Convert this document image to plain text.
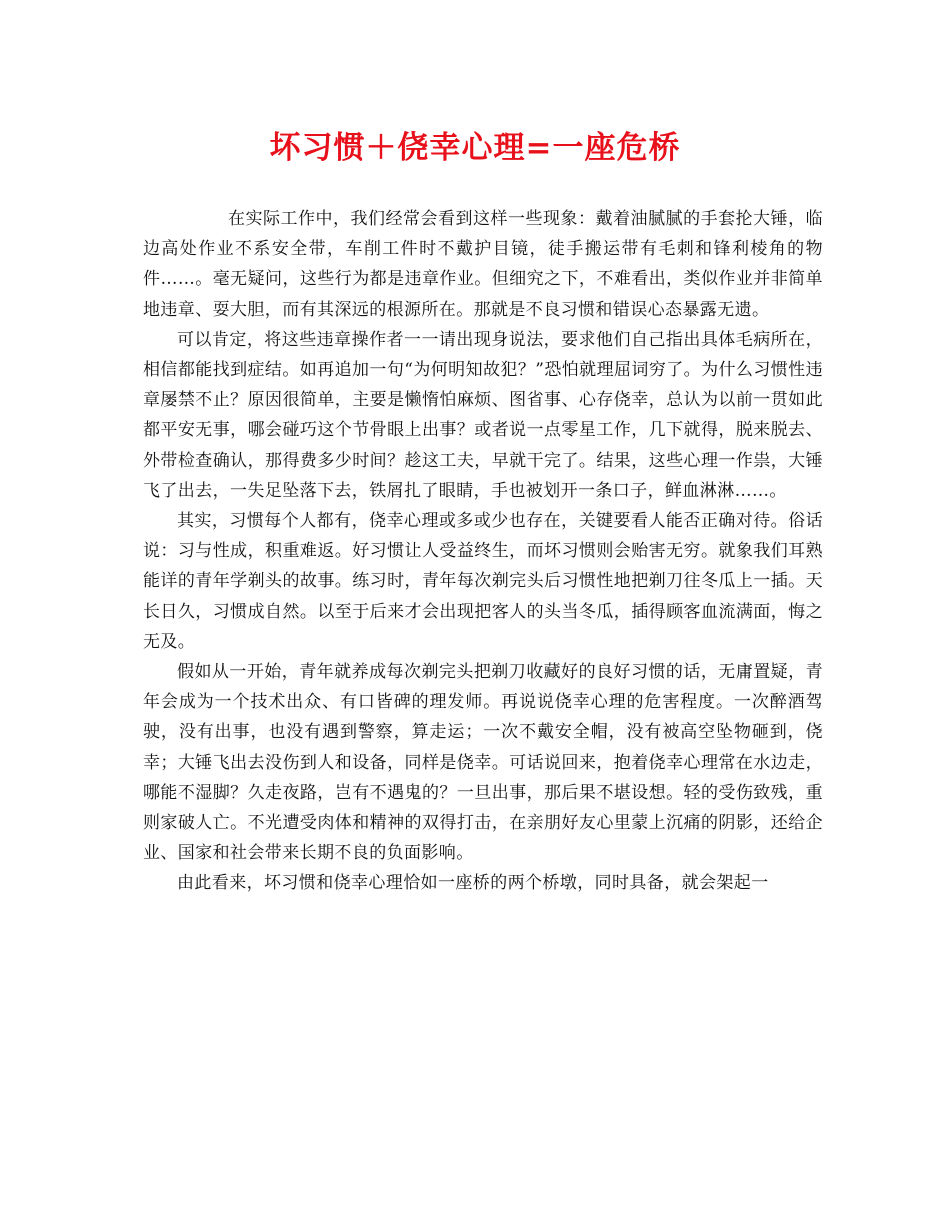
坏习惯＋侥幸心理=一座危桥

在实际工作中，我们经常会看到这样一些现象：戴着油腻腻的手套抡大锤，临边高处作业不系安全带，车削工件时不戴护目镜，徒手搬运带有毛刺和锋利棱角的物件……。毫无疑问，这些行为都是违章作业。但细究之下，不难看出，类似作业并非简单地违章、耍大胆，而有其深远的根源所在。那就是不良习惯和错误心态暴露无遗。

可以肯定，将这些违章操作者一一请出现身说法，要求他们自己指出具体毛病所在，相信都能找到症结。如再追加一句“为何明知故犯？”恐怕就理屈词穷了。为什么习惯性违章屡禁不止？原因很简单，主要是懒惰怕麻烦、图省事、心存侥幸，总认为以前一贯如此都平安无事，哪会碰巧这个节骨眼上出事？或者说一点零星工作，几下就得，脱来脱去、外带检查确认，那得费多少时间？趁这工夫，早就干完了。结果，这些心理一作祟，大锤飞了出去，一失足坠落下去，铁屑扎了眼睛，手也被划开一条口子，鲜血淋淋……。

其实，习惯每个人都有，侥幸心理或多或少也存在，关键要看人能否正确对待。俗话说：习与性成，积重难返。好习惯让人受益终生，而坏习惯则会贻害无穷。就象我们耳熟能详的青年学剃头的故事。练习时，青年每次剃完头后习惯性地把剃刀往冬瓜上一插。天长日久，习惯成自然。以至于后来才会出现把客人的头当冬瓜，插得顾客血流满面，悔之无及。

假如从一开始，青年就养成每次剃完头把剃刀收藏好的良好习惯的话，无庸置疑，青年会成为一个技术出众、有口皆碑的理发师。再说说侥幸心理的危害程度。一次醉酒驾驶，没有出事，也没有遇到警察，算走运；一次不戴安全帽，没有被高空坠物砸到，侥幸；大锤飞出去没伤到人和设备，同样是侥幸。可话说回来，抱着侥幸心理常在水边走，哪能不湿脚？久走夜路，岂有不遇鬼的？一旦出事，那后果不堪设想。轻的受伤致残，重则家破人亡。不光遭受肉体和精神的双得打击，在亲朋好友心里蒙上沉痛的阴影，还给企业、国家和社会带来长期不良的负面影响。

由此看来，坏习惯和侥幸心理恰如一座桥的两个桥墩，同时具备，就会架起一
